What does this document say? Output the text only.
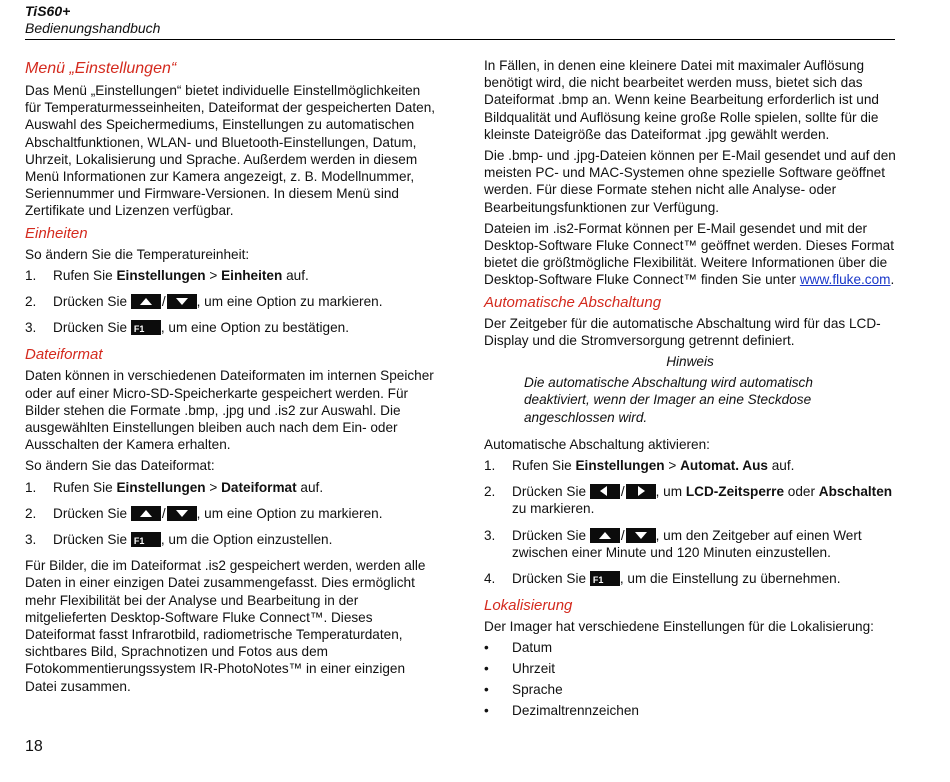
TiS60+
Bedienungshandbuch
Menü „Einstellungen“

Das Menü „Einstellungen“ bietet individuelle Einstellmöglichkeiten für Temperaturmesseinheiten, Dateiformat der gespeicherten Daten, Auswahl des Speichermediums, Einstellungen zu automatischen Abschaltfunktionen, WLAN- und Bluetooth-Einstellungen, Datum, Uhrzeit, Lokalisierung und Sprache. Außerdem werden in diesem Menü Informationen zur Kamera angezeigt, z. B. Modellnummer, Seriennummer und Firmware-Versionen. In diesem Menü sind Zertifikate und Lizenzen verfügbar.

Einheiten

So ändern Sie die Temperatureinheit:

1. Rufen Sie Einstellungen > Einheiten auf.
2. Drücken Sie
/ , um eine Option zu markieren.
3. Drücken Sie F1 , um eine Option zu bestätigen.
Dateiformat

Daten können in verschiedenen Dateiformaten im internen Speicher oder auf einer Micro-SD-Speicherkarte gespeichert werden. Für Bilder stehen die Formate .bmp, .jpg und .is2 zur Auswahl. Die ausgewählten Einstellungen bleiben auch nach dem Ein- oder Ausschalten der Kamera erhalten.

So ändern Sie das Dateiformat:

1. Rufen Sie Einstellungen > Dateiformat auf.
2. Drücken Sie
/ , um eine Option zu markieren.
3. Drücken Sie F1 , um die Option einzustellen.

Für Bilder, die im Dateiformat .is2 gespeichert werden, werden alle Daten in einer einzigen Datei zusammengefasst. Dies ermöglicht mehr Flexibilität bei der Analyse und Bearbeitung in der mitgelieferten Desktop-Software Fluke Connect™. Dieses Dateiformat fasst Infrarotbild, radiometrische Temperaturdaten, sichtbares Bild, Sprachnotizen und Fotos aus dem Fotokommentierungssystem IR-PhotoNotes™ in einer einzigen Datei zusammen.

In Fällen, in denen eine kleinere Datei mit maximaler Auflösung benötigt wird, die nicht bearbeitet werden muss, bietet sich das Dateiformat .bmp an. Wenn keine Bearbeitung erforderlich ist und Bildqualität und Auflösung keine große Rolle spielen, sollte für die kleinste Dateigröße das Dateiformat .jpg gewählt werden.

Die .bmp- und .jpg-Dateien können per E-Mail gesendet und auf den meisten PC- und MAC-Systemen ohne spezielle Software geöffnet werden. Für diese Formate stehen nicht alle Analyse- oder Bearbeitungsfunktionen zur Verfügung.

Dateien im .is2-Format können per E-Mail gesendet und mit der Desktop-Software Fluke Connect™ geöffnet werden. Dieses Format bietet die größtmögliche Flexibilität. Weitere Informationen über die Desktop-Software Fluke Connect™ finden Sie unter www.fluke.com.

Automatische Abschaltung

Der Zeitgeber für die automatische Abschaltung wird für das LCD-Display und die Stromversorgung getrennt definiert.

Hinweis
Die automatische Abschaltung wird automatisch deaktiviert, wenn der Imager an eine Steckdose angeschlossen wird.

Automatische Abschaltung aktivieren:

1. Rufen Sie Einstellungen > Automat. Aus auf.
2. Drücken Sie
/ , um LCD-Zeitsperre oder Abschalten zu markieren.
3. Drücken Sie
/ , um den Zeitgeber auf einen Wert zwischen einer Minute und 120 Minuten einzustellen.
4. Drücken Sie F1 , um die Einstellung zu übernehmen.
Lokalisierung

Der Imager hat verschiedene Einstellungen für die Lokalisierung:

• Datum
• Uhrzeit
• Sprache
• Dezimaltrennzeichen
18
